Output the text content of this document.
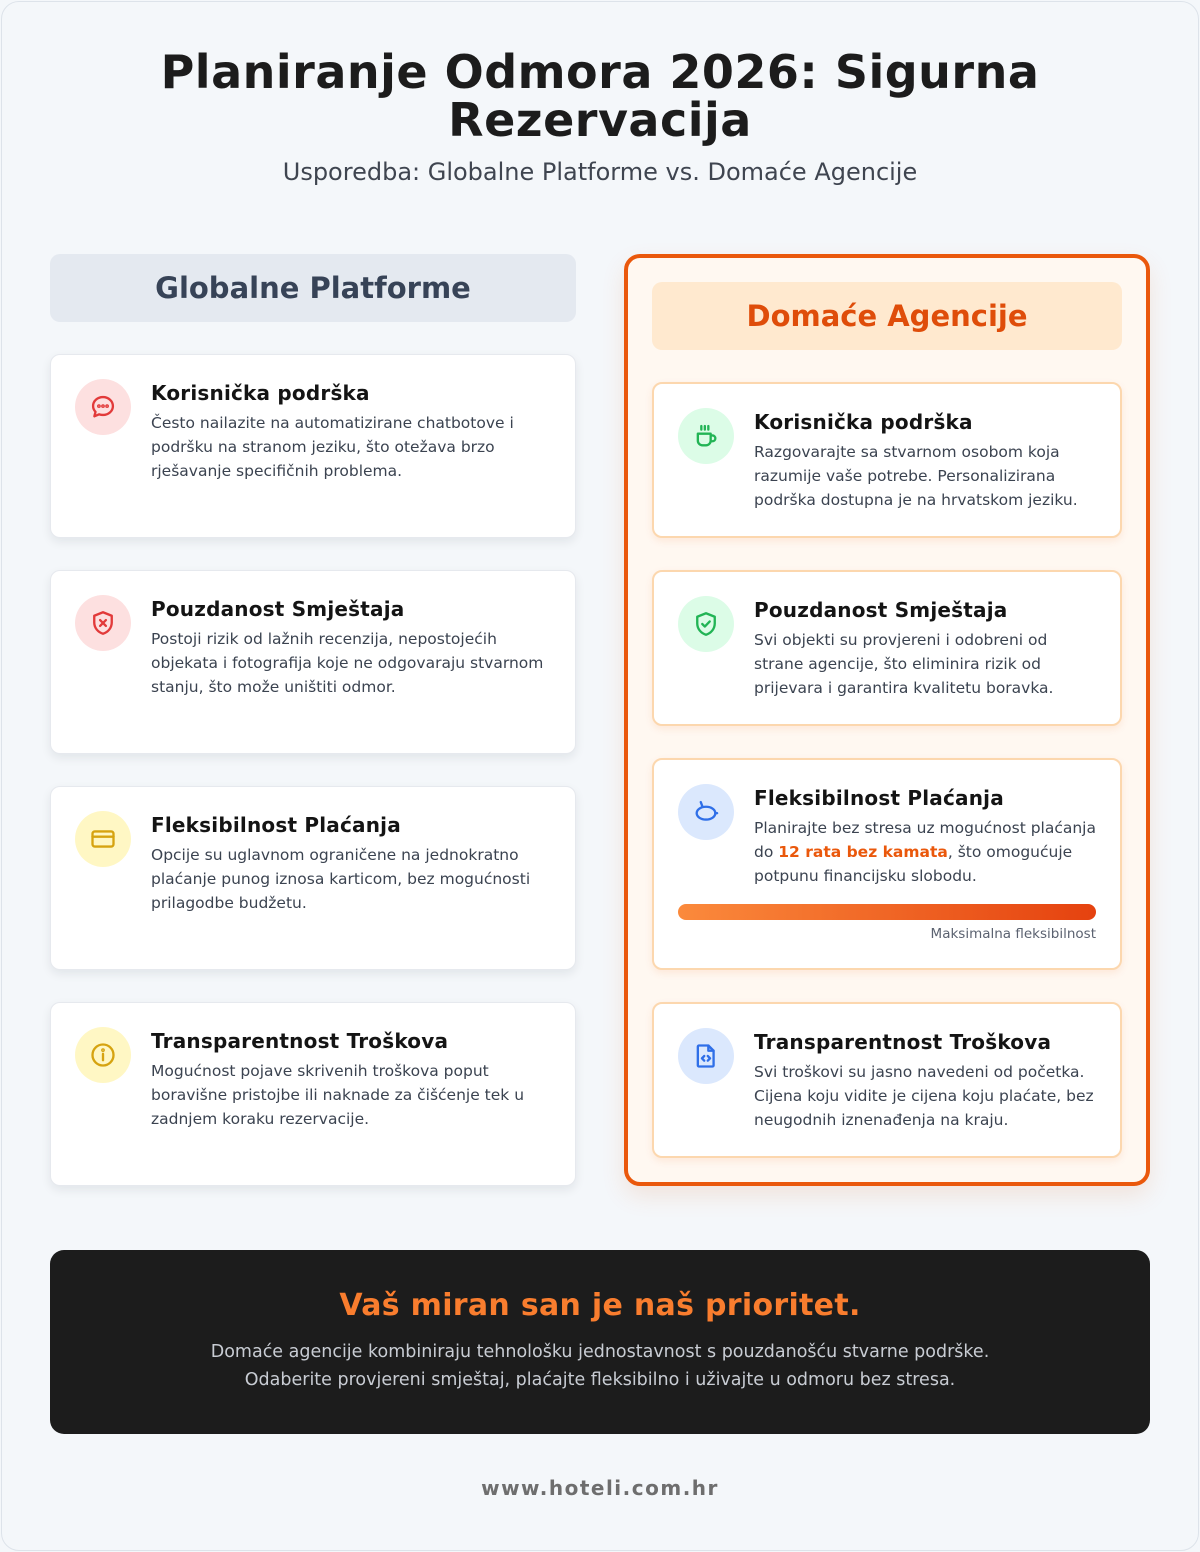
Planiranje Odmora 2026: Sigurna
Rezervacija
Usporedba: Globalne Platforme vs. Domaće Agencije
Globalne Platforme
Korisnička podrška
Često nailazite na automatizirane chatbotove i podršku na stranom jeziku, što otežava brzo rješavanje specifičnih problema.
Pouzdanost Smještaja
Postoji rizik od lažnih recenzija, nepostojećih objekata i fotografija koje ne odgovaraju stvarnom stanju, što može uništiti odmor.
Fleksibilnost Plaćanja
Opcije su uglavnom ograničene na jednokratno plaćanje punog iznosa karticom, bez mogućnosti prilagodbe budžetu.
Transparentnost Troškova
Mogućnost pojave skrivenih troškova poput boravišne pristojbe ili naknade za čišćenje tek u zadnjem koraku rezervacije.
Domaće Agencije
Korisnička podrška
Razgovarajte sa stvarnom osobom koja razumije vaše potrebe. Personalizirana podrška dostupna je na hrvatskom jeziku.
Pouzdanost Smještaja
Svi objekti su provjereni i odobreni od strane agencije, što eliminira rizik od prijevara i garantira kvalitetu boravka.
Fleksibilnost Plaćanja
Planirajte bez stresa uz mogućnost plaćanja do 12 rata bez kamata, što omogućuje potpunu financijsku slobodu.
Maksimalna fleksibilnost
Transparentnost Troškova
Svi troškovi su jasno navedeni od početka. Cijena koju vidite je cijena koju plaćate, bez neugodnih iznenađenja na kraju.
Vaš miran san je naš prioritet.
Domaće agencije kombiniraju tehnološku jednostavnost s pouzdanošću stvarne podrške.
Odaberite provjereni smještaj, plaćajte fleksibilno i uživajte u odmoru bez stresa.
www.hoteli.com.hr
